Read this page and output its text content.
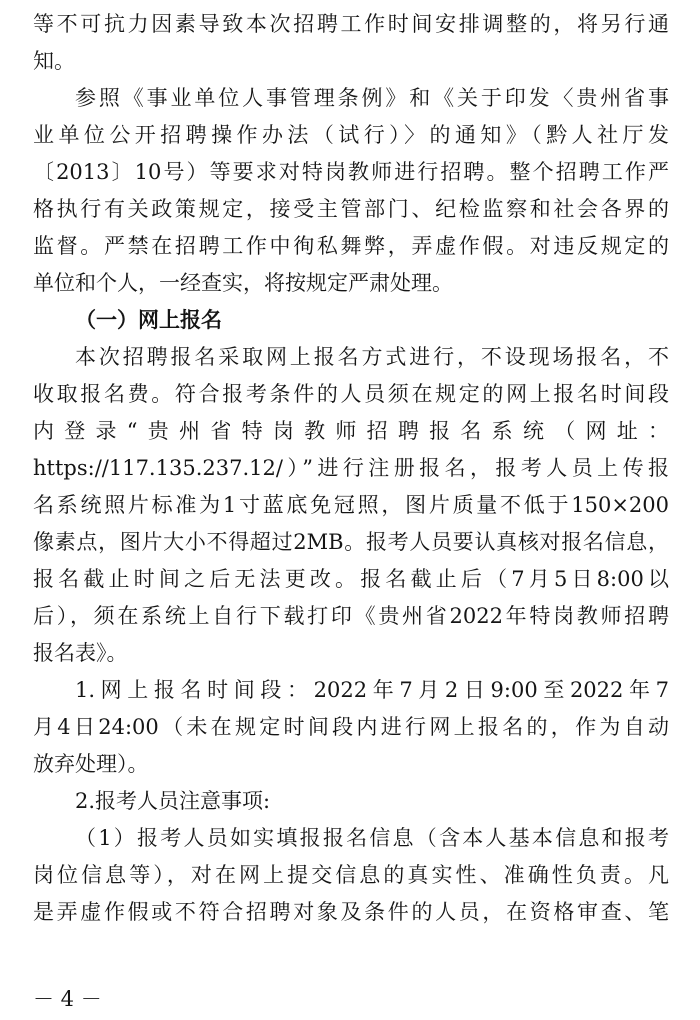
等不可抗力因素导致本次招聘工作时间安排调整的，将另行通
知。
参照《事业单位人事管理条例》和《关于印发〈贵州省事
业单位公开招聘操作办法（试行）〉的通知》（黔人社厅发
〔2013〕10号）等要求对特岗教师进行招聘。整个招聘工作严
格执行有关政策规定，接受主管部门、纪检监察和社会各界的
监督。严禁在招聘工作中徇私舞弊，弄虚作假。对违反规定的
单位和个人，一经查实，将按规定严肃处理。
（一）网上报名
本次招聘报名采取网上报名方式进行，不设现场报名，不
收取报名费。符合报考条件的人员须在规定的网上报名时间段
内登录“贵州省特岗教师招聘报名系统（网址：
https://117.135.237.12/）”进行注册报名，报考人员上传报
名系统照片标准为1寸蓝底免冠照，图片质量不低于150×200
像素点，图片大小不得超过2MB。报考人员要认真核对报名信息，
报名截止时间之后无法更改。报名截止后（7月5日8:00以
后），须在系统上自行下载打印《贵州省2022年特岗教师招聘
报名表》。
1.网上报名时间段：2022年7月2日9:00至2022年7
月4日24:00（未在规定时间段内进行网上报名的，作为自动
放弃处理）。
2.报考人员注意事项:
（1）报考人员如实填报报名信息（含本人基本信息和报考
岗位信息等），对在网上提交信息的真实性、准确性负责。凡
是弄虚作假或不符合招聘对象及条件的人员，在资格审查、笔
－ 4 －
